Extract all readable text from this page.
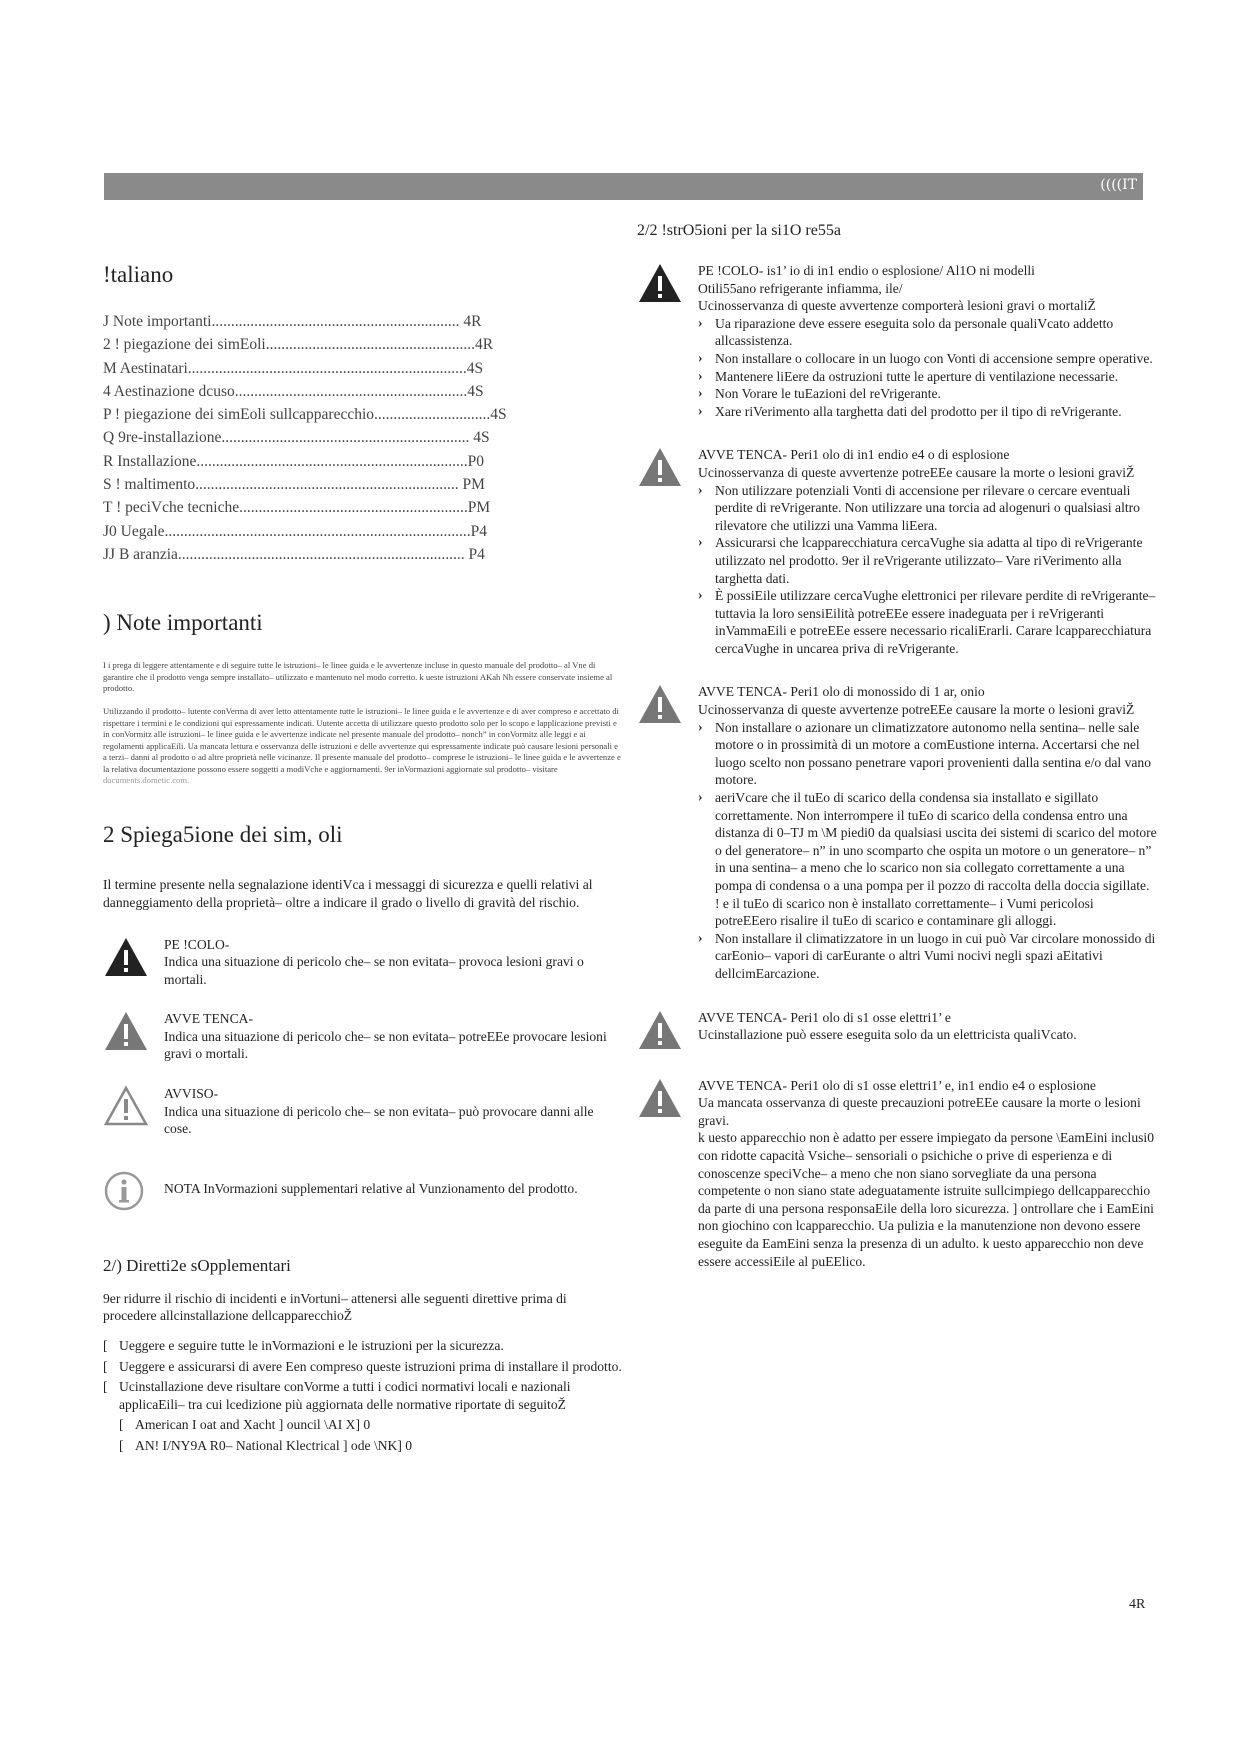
((((IT
!taliano
J Note importanti................................................................ 4R
2 ! piegazione dei simEoli......................................................4R
M Aestinatari........................................................................4S
4 Aestinazione dcuso............................................................4S
P ! piegazione dei simEoli sullcapparecchio..............................4S
Q 9re-installazione................................................................ 4S
R Installazione......................................................................P0
S ! maltimento.................................................................... PM
T ! peciVche tecniche...........................................................PM
J0 Uegale...............................................................................P4
JJ B aranzia.......................................................................... P4
) Note importanti

I i prega di leggere attentamente e di seguire tutte le istruzioni– le linee guida e le avvertenze incluse in questo manuale del prodotto– al Vne di garantire che il prodotto venga sempre installato– utilizzato e mantenuto nel modo corretto. k ueste istruzioni AKah Nh essere conservate insieme al prodotto.

Utilizzando il prodotto– lutente conVerma di aver letto attentamente tutte le istruzioni– le linee guida e le avvertenze e di aver compreso e accettato di rispettare i termini e le condizioni qui espressamente indicati. Uutente accetta di utilizzare questo prodotto solo per lo scopo e lapplicazione previsti e in conVormitz alle istruzioni– le linee guida e le avvertenze indicate nel presente manuale del prodotto– nonch” in conVormitz alle leggi e ai regolamenti applicaEili. Ua mancata lettura e osservanza delle istruzioni e delle avvertenze qui espressamente indicate può causare lesioni personali e a terzi– danni al prodotto o ad altre proprietà nelle vicinanze. Il presente manuale del prodotto– comprese le istruzioni– le linee guida e le avvertenze e la relativa documentazione possono essere soggetti a modiVche e aggiornamenti. 9er inVormazioni aggiornate sul prodotto– visitare documents.dometic.com.

2 Spiega5ione dei sim, oli

Il termine presente nella segnalazione identiVca i messaggi di sicurezza e quelli relativi al danneggiamento della proprietà– oltre a indicare il grado o livello di gravità del rischio.

PE !COLO-
Indica una situazione di pericolo che– se non evitata– provoca lesioni gravi o mortali.
AVVE TENCA-
Indica una situazione di pericolo che– se non evitata– potreEEe provocare lesioni gravi o mortali.
AVVISO-
Indica una situazione di pericolo che– se non evitata– può provocare danni alle cose.
NOTA InVormazioni supplementari relative al Vunzionamento del prodotto.
2/) Diretti2e sOpplementari

9er ridurre il rischio di incidenti e inVortuni– attenersi alle seguenti direttive prima di procedere allcinstallazione dellcapparecchioŽ

[ Ueggere e seguire tutte le inVormazioni e le istruzioni per la sicurezza.
[ Ueggere e assicurarsi di avere Een compreso queste istruzioni prima di installare il prodotto.
[ Ucinstallazione deve risultare conVorme a tutti i codici normativi locali e nazionali applicaEili– tra cui lcedizione più aggiornata delle normative riportate di seguitoŽ
[ American I oat and Xacht ] ouncil \AI X] 0
[ AN! I/NY9A R0– National Klectrical ] ode \NK] 0
2/2 !strO5ioni per la si1O re55a
PE !COLO- is1’ io di in1 endio o esplosione/ Al1O ni modelli
Otili55ano refrigerante infiamma, ile/
Ucinosservanza di queste avvertenze comporterà lesioni gravi o mortaliŽ
› Ua riparazione deve essere eseguita solo da personale qualiVcato addetto allcassistenza.
› Non installare o collocare in un luogo con Vonti di accensione sempre operative.
› Mantenere liEere da ostruzioni tutte le aperture di ventilazione necessarie.
› Non Vorare le tuEazioni del reVrigerante.
› Xare riVerimento alla targhetta dati del prodotto per il tipo di reVrigerante.
AVVE TENCA- Peri1 olo di in1 endio e4 o di esplosione
Ucinosservanza di queste avvertenze potreEEe causare la morte o lesioni graviŽ
› Non utilizzare potenziali Vonti di accensione per rilevare o cercare eventuali perdite di reVrigerante. Non utilizzare una torcia ad alogenuri o qualsiasi altro rilevatore che utilizzi una Vamma liEera.
› Assicurarsi che lcapparecchiatura cercaVughe sia adatta al tipo di reVrigerante utilizzato nel prodotto. 9er il reVrigerante utilizzato– Vare riVerimento alla targhetta dati.
› È possiEile utilizzare cercaVughe elettronici per rilevare perdite di reVrigerante– tuttavia la loro sensiEilità potreEEe essere inadeguata per i reVrigeranti inVammaEili e potreEEe essere necessario ricaliErarli. Carare lcapparecchiatura cercaVughe in uncarea priva di reVrigerante.
AVVE TENCA- Peri1 olo di monossido di 1 ar, onio
Ucinosservanza di queste avvertenze potreEEe causare la morte o lesioni graviŽ
› Non installare o azionare un climatizzatore autonomo nella sentina– nelle sale motore o in prossimità di un motore a comEustione interna. Accertarsi che nel luogo scelto non possano penetrare vapori provenienti dalla sentina e/o dal vano motore.
› aeriVcare che il tuEo di scarico della condensa sia installato e sigillato correttamente. Non interrompere il tuEo di scarico della condensa entro una distanza di 0–TJ m \M piedi0 da qualsiasi uscita dei sistemi di scarico del motore o del generatore– n” in uno scomparto che ospita un motore o un generatore– n” in una sentina– a meno che lo scarico non sia collegato correttamente a una pompa di condensa o a una pompa per il pozzo di raccolta della doccia sigillate. ! e il tuEo di scarico non è installato correttamente– i Vumi pericolosi potreEEero risalire il tuEo di scarico e contaminare gli alloggi.
› Non installare il climatizzatore in un luogo in cui può Var circolare monossido di carEonio– vapori di carEurante o altri Vumi nocivi negli spazi aEitativi dellcimEarcazione.
AVVE TENCA- Peri1 olo di s1 osse elettri1’ e
Ucinstallazione può essere eseguita solo da un elettricista qualiVcato.
AVVE TENCA- Peri1 olo di s1 osse elettri1’ e, in1 endio e4 o esplosione
Ua mancata osservanza di queste precauzioni potreEEe causare la morte o lesioni gravi.
k uesto apparecchio non è adatto per essere impiegato da persone \EamEini inclusi0 con ridotte capacità Vsiche– sensoriali o psichiche o prive di esperienza e di conoscenze speciVche– a meno che non siano sorvegliate da una persona competente o non siano state adeguatamente istruite sullcimpiego dellcapparecchio da parte di una persona responsaEile della loro sicurezza. ] ontrollare che i EamEini non giochino con lcapparecchio. Ua pulizia e la manutenzione non devono essere eseguite da EamEini senza la presenza di un adulto. k uesto apparecchio non deve essere accessiEile al puEElico.
4R
